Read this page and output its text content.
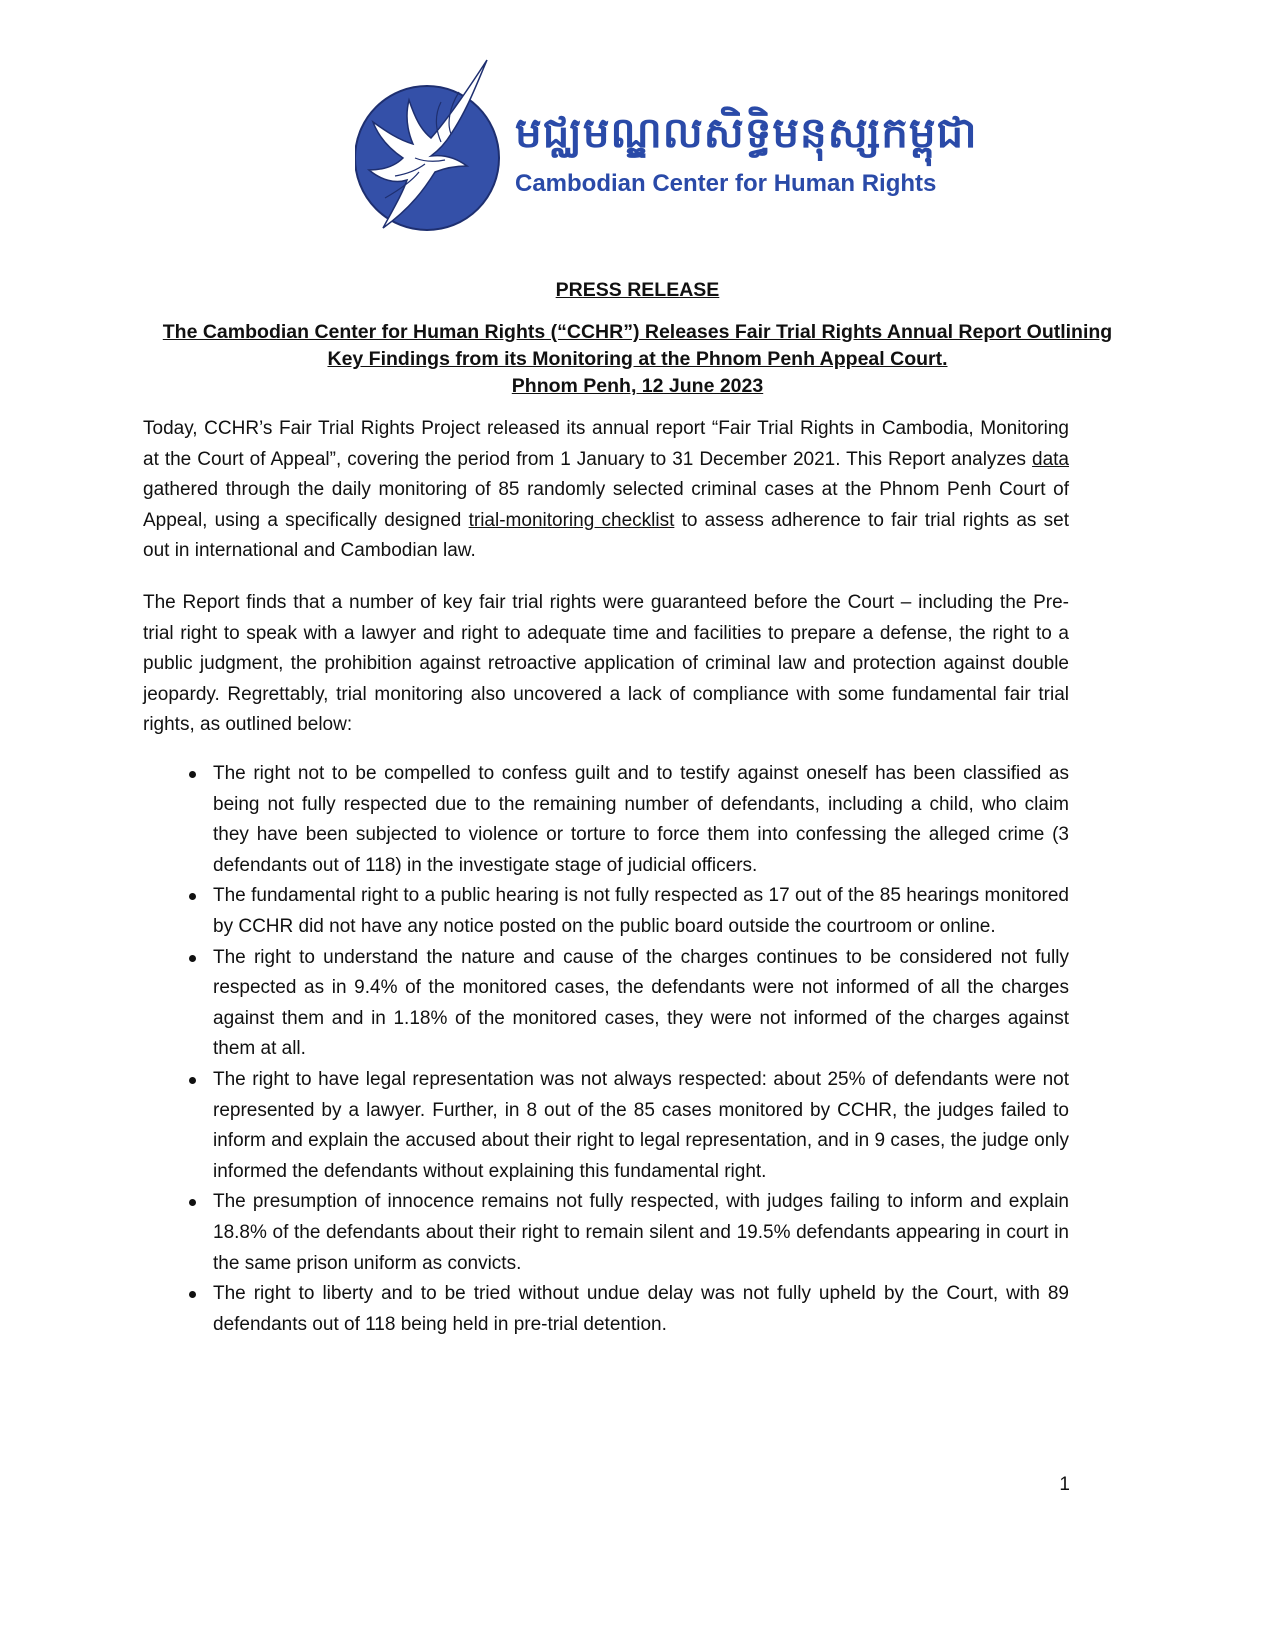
មជ្ឈមណ្ឌលសិទ្ធិមនុស្សកម្ពុជា
Cambodian Center for Human Rights
PRESS RELEASE
The Cambodian Center for Human Rights (“CCHR”) Releases Fair Trial Rights Annual Report Outlining
Key Findings from its Monitoring at the Phnom Penh Appeal Court.
Phnom Penh, 12 June 2023

Today, CCHR’s Fair Trial Rights Project released its annual report “Fair Trial Rights in Cambodia, Monitoring at the Court of Appeal”, covering the period from 1 January to 31 December 2021. This Report analyzes data gathered through the daily monitoring of 85 randomly selected criminal cases at the Phnom Penh Court of Appeal, using a specifically designed trial-monitoring checklist to assess adherence to fair trial rights as set out in international and Cambodian law.

The Report finds that a number of key fair trial rights were guaranteed before the Court – including the Pre-trial right to speak with a lawyer and right to adequate time and facilities to prepare a defense, the right to a public judgment, the prohibition against retroactive application of criminal law and protection against double jeopardy. Regrettably, trial monitoring also uncovered a lack of compliance with some fundamental fair trial rights, as outlined below:

The right not to be compelled to confess guilt and to testify against oneself has been classified as being not fully respected due to the remaining number of defendants, including a child, who claim they have been subjected to violence or torture to force them into confessing the alleged crime (3 defendants out of 118) in the investigate stage of judicial officers.
The fundamental right to a public hearing is not fully respected as 17 out of the 85 hearings monitored by CCHR did not have any notice posted on the public board outside the courtroom or online.
The right to understand the nature and cause of the charges continues to be considered not fully respected as in 9.4% of the monitored cases, the defendants were not informed of all the charges against them and in 1.18% of the monitored cases, they were not informed of the charges against them at all.
The right to have legal representation was not always respected: about 25% of defendants were not represented by a lawyer. Further, in 8 out of the 85 cases monitored by CCHR, the judges failed to inform and explain the accused about their right to legal representation, and in 9 cases, the judge only informed the defendants without explaining this fundamental right.
The presumption of innocence remains not fully respected, with judges failing to inform and explain 18.8% of the defendants about their right to remain silent and 19.5% defendants appearing in court in the same prison uniform as convicts.
The right to liberty and to be tried without undue delay was not fully upheld by the Court, with 89 defendants out of 118 being held in pre-trial detention.
1
